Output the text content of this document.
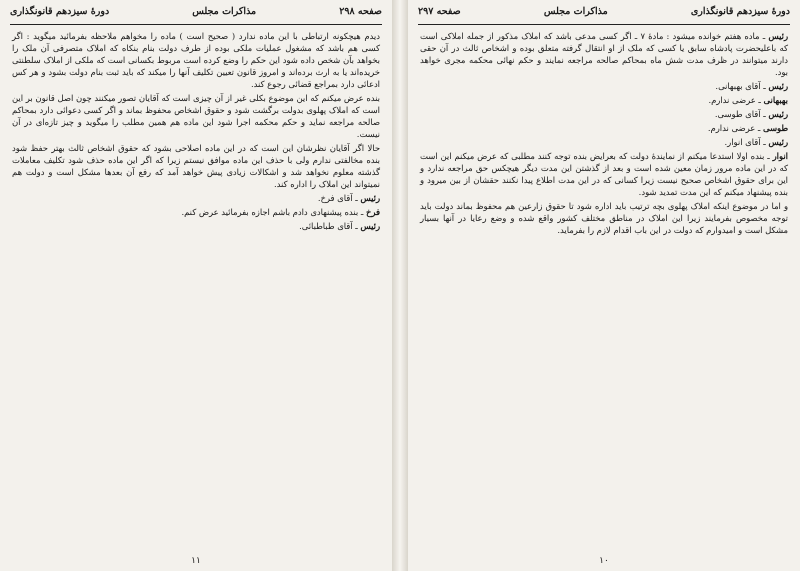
صفحه ۲۹۸
مذاکرات مجلس
دورهٔ سیزدهم قانونگذاری

دیدم هیچکونه ارتباطی با این ماده ندارد ( صحیح است ) ماده را مخواهم ملاحظه بفرمائید میگوید : اگر کسی هم باشد که مشغول عملیات ملکی بوده از طرف دولت بنام بنکاه که املاک متصرفی آن ملک را بخواهد بآن شخص داده شود این حکم را وضع کرده است مربوط بکسانی است که ملکی از املاک سلطنتی خریده‌اند یا به ارث برده‌اند و امروز قانون تعیین تکلیف آنها را میکند که باید ثبت بنام دولت بشود و هر کس ادعائی دارد بمراجع قضائی رجوع کند.

بنده عرض میکنم که این موضوع بکلی غیر از آن چیزی است که آقایان تصور میکنند چون اصل قانون بر این است که املاک پهلوی بدولت برگشت شود و حقوق اشخاص محفوظ بماند و اگر کسی دعوائی دارد بمحاکم صالحه مراجعه نماید و حکم محکمه اجرا شود این ماده هم همین مطلب را میگوید و چیز تازه‌ای در آن نیست.

حالا اگر آقایان نظرشان این است که در این ماده اصلاحی بشود که حقوق اشخاص ثالث بهتر حفظ شود بنده مخالفتی ندارم ولی با حذف این ماده موافق نیستم زیرا که اگر این ماده حذف شود تکلیف معاملات گذشته معلوم نخواهد شد و اشکالات زیادی پیش خواهد آمد که رفع آن بعدها مشکل است و دولت هم نمیتواند این املاک را اداره کند.

رئیس ـ آقای فرخ.

فرخ ـ بنده پیشنهادی دادم باشم اجازه بفرمائید عرض کنم.

رئیس ـ آقای طباطبائی.

۱۱
دورهٔ سیزدهم قانونگذاری
مذاکرات مجلس
صفحه ۲۹۷

رئیس ـ ماده هفتم خوانده میشود : مادهٔ ۷ ـ اگر کسی مدعی باشد که املاک مذکور از جمله املاکی است که باعلیحضرت پادشاه سابق یا کسی که ملک از او انتقال گرفته متعلق بوده و اشخاص ثالث در آن حقی دارند میتوانند در ظرف مدت شش ماه بمحاکم صالحه مراجعه نمایند و حکم نهائی محکمه مجری خواهد بود.

رئیس ـ آقای بهبهانی.

بهبهانی ـ عرضی ندارم.

رئیس ـ آقای طوسی.

طوسی ـ عرضی ندارم.

رئیس ـ آقای انوار.

انوار ـ بنده اولا استدعا میکنم از نمایندهٔ دولت که بعرایض بنده توجه کنند مطلبی که عرض میکنم این است که در این ماده مرور زمان معین شده است و بعد از گذشتن این مدت دیگر هیچکس حق مراجعه ندارد و این برای حقوق اشخاص صحیح نیست زیرا کسانی که در این مدت اطلاع پیدا نکنند حقشان از بین میرود و بنده پیشنهاد میکنم که این مدت تمدید شود.

و اما در موضوع اینکه املاک پهلوی بچه ترتیب باید اداره شود تا حقوق زارعین هم محفوظ بماند دولت باید توجه مخصوص بفرمایند زیرا این املاک در مناطق مختلف کشور واقع شده و وضع رعایا در آنها بسیار مشکل است و امیدوارم که دولت در این باب اقدام لازم را بفرماید.

۱۰
